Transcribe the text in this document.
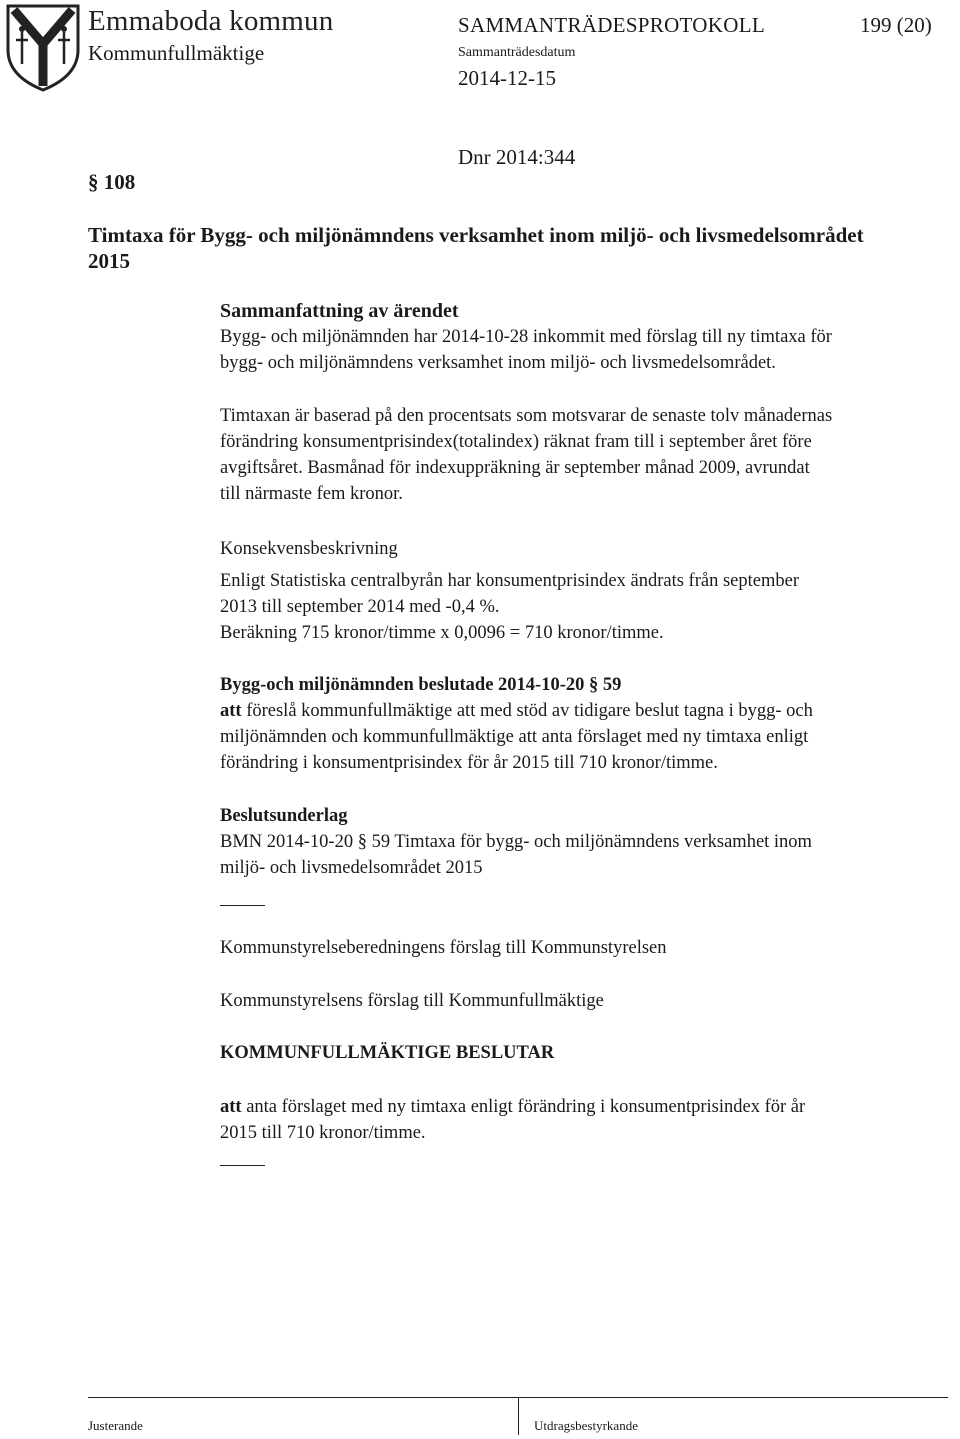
Emmaboda kommun
Kommunfullmäktige
SAMMANTRÄDESPROTOKOLL	199 (20)
Sammanträdesdatum
2014-12-15
Dnr 2014:344
§ 108
Timtaxa för Bygg- och miljönämndens verksamhet inom miljö- och livsmedelsområdet
2015
Sammanfattning av ärendet
Bygg- och miljönämnden har 2014-10-28 inkommit med förslag till ny timtaxa för
bygg- och miljönämndens verksamhet inom miljö- och livsmedelsområdet.
Timtaxan är baserad på den procentsats som motsvarar de senaste tolv månadernas
förändring konsumentprisindex(totalindex) räknat fram till i september året före
avgiftsåret. Basmånad för indexuppräkning är september månad 2009, avrundat
till närmaste fem kronor.
Konsekvensbeskrivning
Enligt Statistiska centralbyrån har konsumentprisindex ändrats från september
2013 till september 2014 med -0,4 %.
Beräkning 715 kronor/timme x 0,0096 = 710 kronor/timme.
Bygg-och miljönämnden beslutade 2014-10-20 § 59
att föreslå kommunfullmäktige att med stöd av tidigare beslut tagna i bygg- och
miljönämnden och kommunfullmäktige att anta förslaget med ny timtaxa enligt
förändring i konsumentprisindex för år 2015 till 710 kronor/timme.
Beslutsunderlag
BMN 2014-10-20 § 59 Timtaxa för bygg- och miljönämndens verksamhet inom
miljö- och livsmedelsområdet 2015
Kommunstyrelseberedningens förslag till Kommunstyrelsen
Kommunstyrelsens förslag till Kommunfullmäktige
KOMMUNFULLMÄKTIGE BESLUTAR
att anta förslaget med ny timtaxa enligt förändring i konsumentprisindex för år
2015 till 710 kronor/timme.
Justerande	Utdragsbestyrkande
